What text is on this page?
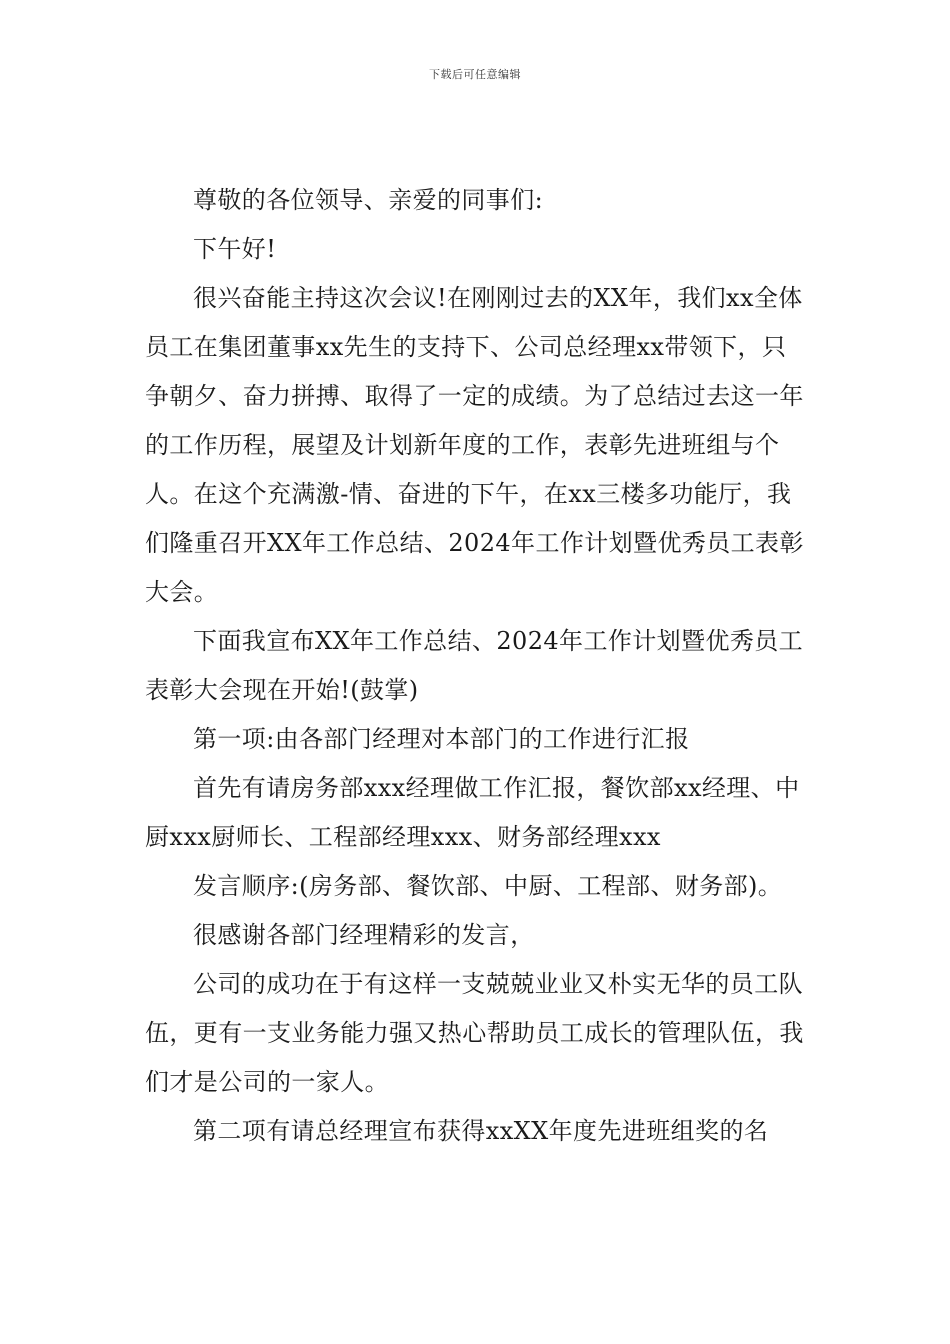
下载后可任意编辑

尊敬的各位领导、亲爱的同事们:

下午好!

很兴奋能主持这次会议!在刚刚过去的XX年，我们xx全体员工在集团董事xx先生的支持下、公司总经理xx带领下，只争朝夕、奋力拼搏、取得了一定的成绩。为了总结过去这一年的工作历程，展望及计划新年度的工作，表彰先进班组与个人。在这个充满激-情、奋进的下午，在xx三楼多功能厅，我们隆重召开XX年工作总结、2024年工作计划暨优秀员工表彰大会。

下面我宣布XX年工作总结、2024年工作计划暨优秀员工表彰大会现在开始!(鼓掌)

第一项:由各部门经理对本部门的工作进行汇报

首先有请房务部xxx经理做工作汇报，餐饮部xx经理、中厨xxx厨师长、工程部经理xxx、财务部经理xxx

发言顺序:(房务部、餐饮部、中厨、工程部、财务部)。

很感谢各部门经理精彩的发言，

公司的成功在于有这样一支兢兢业业又朴实无华的员工队伍，更有一支业务能力强又热心帮助员工成长的管理队伍，我们才是公司的一家人。

第二项有请总经理宣布获得xxXX年度先进班组奖的名
